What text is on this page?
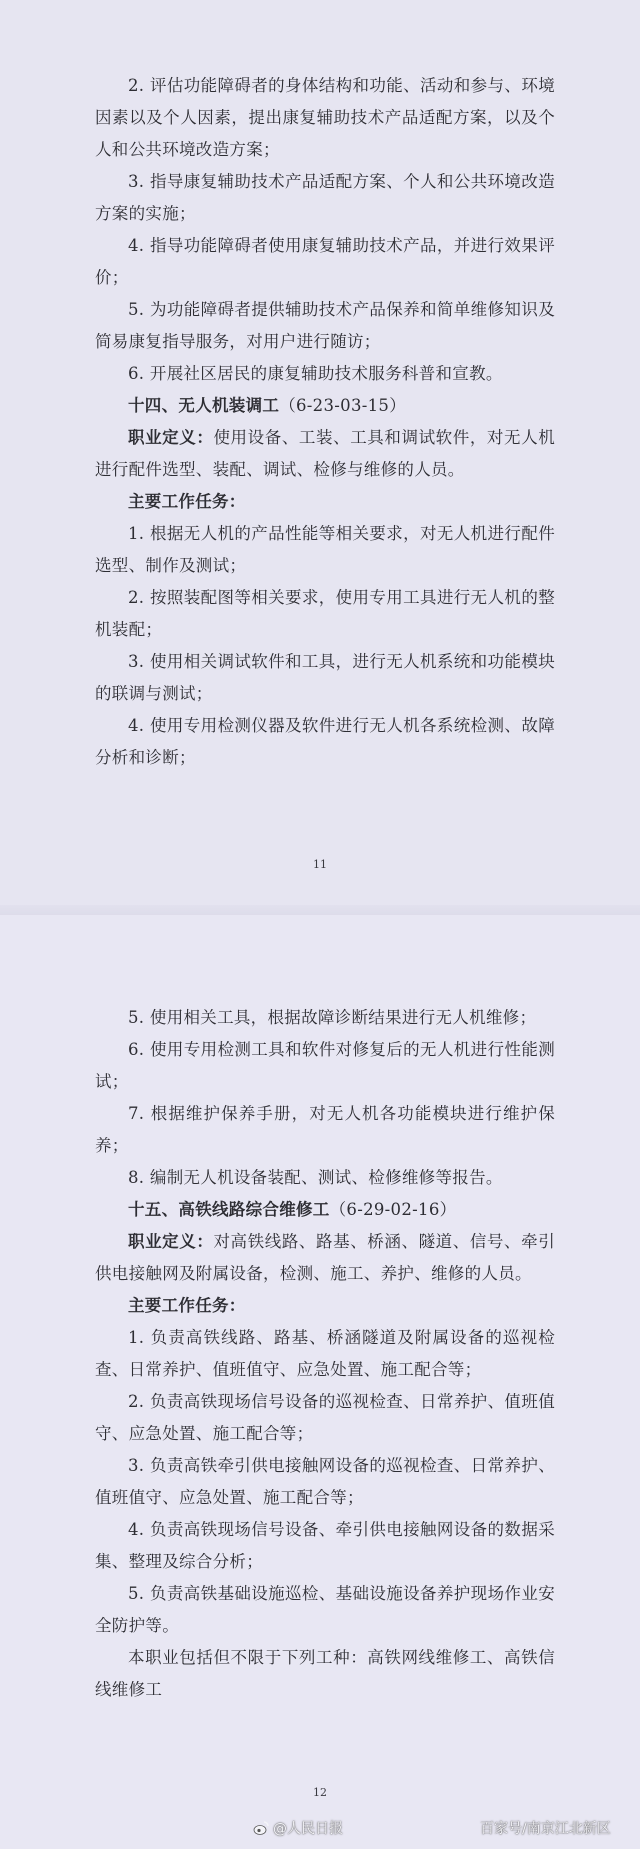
2. 评估功能障碍者的身体结构和功能、活动和参与、环境因素以及个人因素，提出康复辅助技术产品适配方案，以及个人和公共环境改造方案；

3. 指导康复辅助技术产品适配方案、个人和公共环境改造方案的实施；

4. 指导功能障碍者使用康复辅助技术产品，并进行效果评价；

5. 为功能障碍者提供辅助技术产品保养和简单维修知识及简易康复指导服务，对用户进行随访；

6. 开展社区居民的康复辅助技术服务科普和宣教。

十四、无人机装调工（6-23-03-15）

职业定义：使用设备、工装、工具和调试软件，对无人机进行配件选型、装配、调试、检修与维修的人员。

主要工作任务：

1. 根据无人机的产品性能等相关要求，对无人机进行配件选型、制作及测试；

2. 按照装配图等相关要求，使用专用工具进行无人机的整机装配；

3. 使用相关调试软件和工具，进行无人机系统和功能模块的联调与测试；

4. 使用专用检测仪器及软件进行无人机各系统检测、故障分析和诊断；

11

5. 使用相关工具，根据故障诊断结果进行无人机维修；

6. 使用专用检测工具和软件对修复后的无人机进行性能测试；

7. 根据维护保养手册，对无人机各功能模块进行维护保养；

8. 编制无人机设备装配、测试、检修维修等报告。

十五、高铁线路综合维修工（6-29-02-16）

职业定义：对高铁线路、路基、桥涵、隧道、信号、牵引供电接触网及附属设备，检测、施工、养护、维修的人员。

主要工作任务：

1. 负责高铁线路、路基、桥涵隧道及附属设备的巡视检查、日常养护、值班值守、应急处置、施工配合等；

2. 负责高铁现场信号设备的巡视检查、日常养护、值班值守、应急处置、施工配合等；

3. 负责高铁牵引供电接触网设备的巡视检查、日常养护、值班值守、应急处置、施工配合等；

4. 负责高铁现场信号设备、牵引供电接触网设备的数据采集、整理及综合分析；

5. 负责高铁基础设施巡检、基础设施设备养护现场作业安全防护等。

本职业包括但不限于下列工种：高铁网线维修工、高铁信线维修工

12
@人民日报	百家号/南京江北新区
